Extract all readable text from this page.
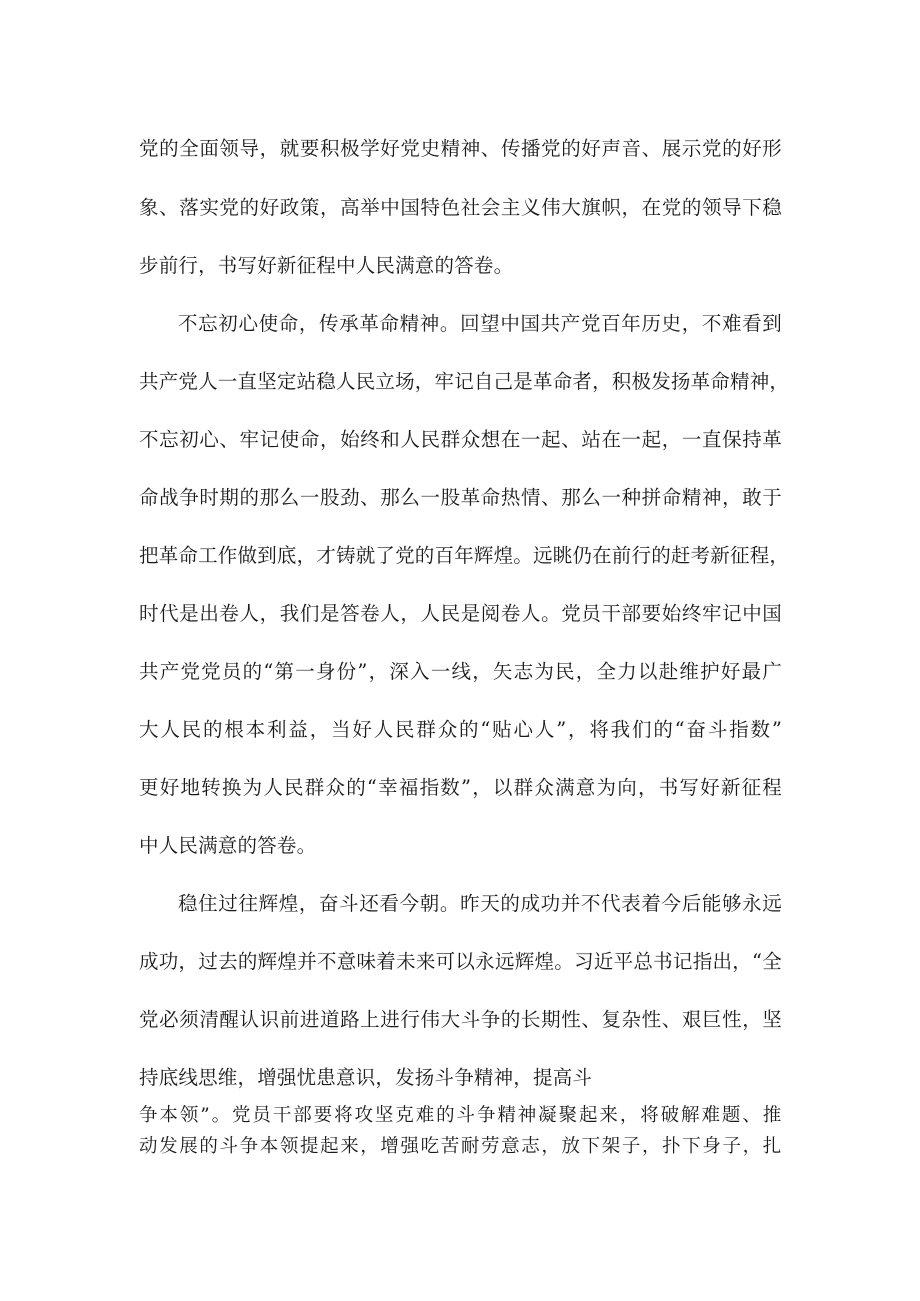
党的全面领导，就要积极学好党史精神、传播党的好声音、展示党的好形
象、落实党的好政策，高举中国特色社会主义伟大旗帜，在党的领导下稳
步前行，书写好新征程中人民满意的答卷。
不忘初心使命，传承革命精神。回望中国共产党百年历史，不难看到
共产党人一直坚定站稳人民立场，牢记自己是革命者，积极发扬革命精神，
不忘初心、牢记使命，始终和人民群众想在一起、站在一起，一直保持革
命战争时期的那么一股劲、那么一股革命热情、那么一种拼命精神，敢于
把革命工作做到底，才铸就了党的百年辉煌。远眺仍在前行的赶考新征程，
时代是出卷人，我们是答卷人，人民是阅卷人。党员干部要始终牢记中国
共产党党员的“第一身份”，深入一线，矢志为民，全力以赴维护好最广
大人民的根本利益，当好人民群众的“贴心人”，将我们的“奋斗指数”
更好地转换为人民群众的“幸福指数”，以群众满意为向，书写好新征程
中人民满意的答卷。
稳住过往辉煌，奋斗还看今朝。昨天的成功并不代表着今后能够永远
成功，过去的辉煌并不意味着未来可以永远辉煌。习近平总书记指出，“全
党必须清醒认识前进道路上进行伟大斗争的长期性、复杂性、艰巨性，坚
持底线思维，增强忧患意识，发扬斗争精神，提高斗
争本领”。党员干部要将攻坚克难的斗争精神凝聚起来，将破解难题、推
动发展的斗争本领提起来，增强吃苦耐劳意志，放下架子，扑下身子，扎
